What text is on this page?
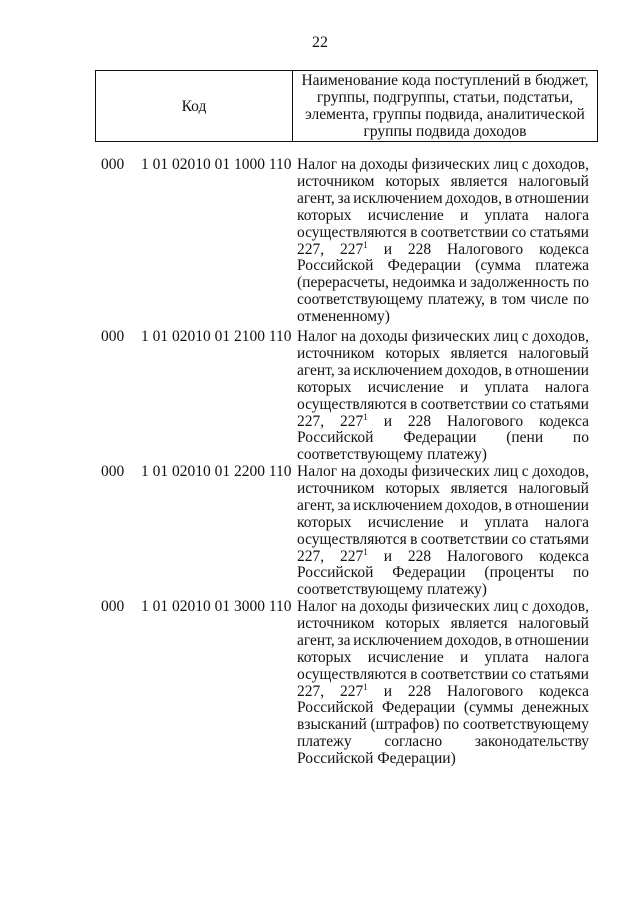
22
Код	Наименование кода поступлений в бюджет, группы, подгруппы, статьи, подстатьи, элемента, группы подвида, аналитической группы подвида доходов
000 1 01 02010 01 1000 110 Налог на доходы физических лиц с доходов,
источником которых является налоговый
агент, за исключением доходов, в отношении
которых исчисление и уплата налога
осуществляются в соответствии со статьями
227, $227^1$ и 228 Налогового кодекса
Российской Федерации (сумма платежа
(перерасчеты, недоимка и задолженность по
соответствующему платежу, в том числе по
отмененному)
000 1 01 02010 01 2100 110 Налог на доходы физических лиц с доходов,
источником которых является налоговый
агент, за исключением доходов, в отношении
которых исчисление и уплата налога
осуществляются в соответствии со статьями
227, $227^1$ и 228 Налогового кодекса
Российской Федерации (пени по
соответствующему платежу)
000 1 01 02010 01 2200 110 Налог на доходы физических лиц с доходов,
источником которых является налоговый
агент, за исключением доходов, в отношении
которых исчисление и уплата налога
осуществляются в соответствии со статьями
227, $227^1$ и 228 Налогового кодекса
Российской Федерации (проценты по
соответствующему платежу)
000 1 01 02010 01 3000 110 Налог на доходы физических лиц с доходов,
источником которых является налоговый
агент, за исключением доходов, в отношении
которых исчисление и уплата налога
осуществляются в соответствии со статьями
227, $227^1$ и 228 Налогового кодекса
Российской Федерации (суммы денежных
взысканий (штрафов) по соответствующему
платежу согласно законодательству
Российской Федерации)
